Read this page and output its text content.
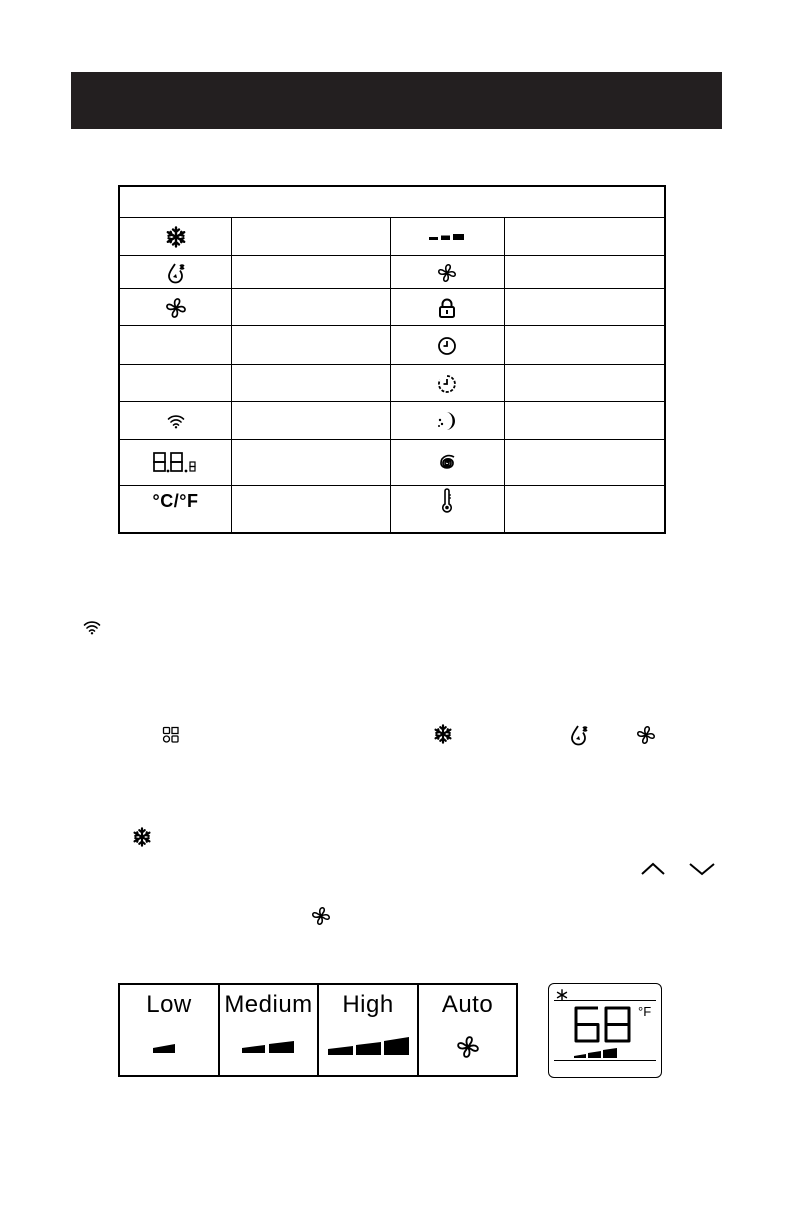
°C/°F
Low	Medium	High	Auto
68
°F
